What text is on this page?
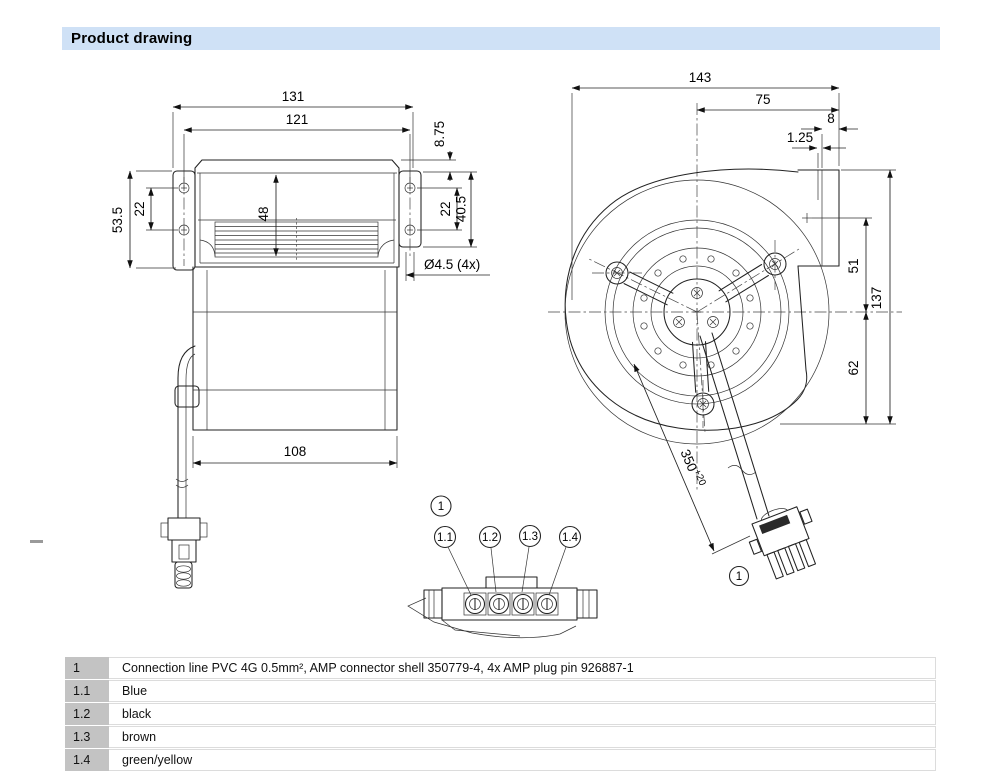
Product drawing
131
121
53.5 22	48
8.75
22 40.5
Ø4.5 (4x)
108
1
143
75
8
1.25
51
62
137
$350^{+20}$
1
1.1	1.2 1.3 1.4
1	Connection line PVC 4G 0.5mm², AMP connector shell 350779-4, 4x AMP plug pin 926887-1
1.1	Blue
1.2	black
1.3	brown
1.4	green/yellow
